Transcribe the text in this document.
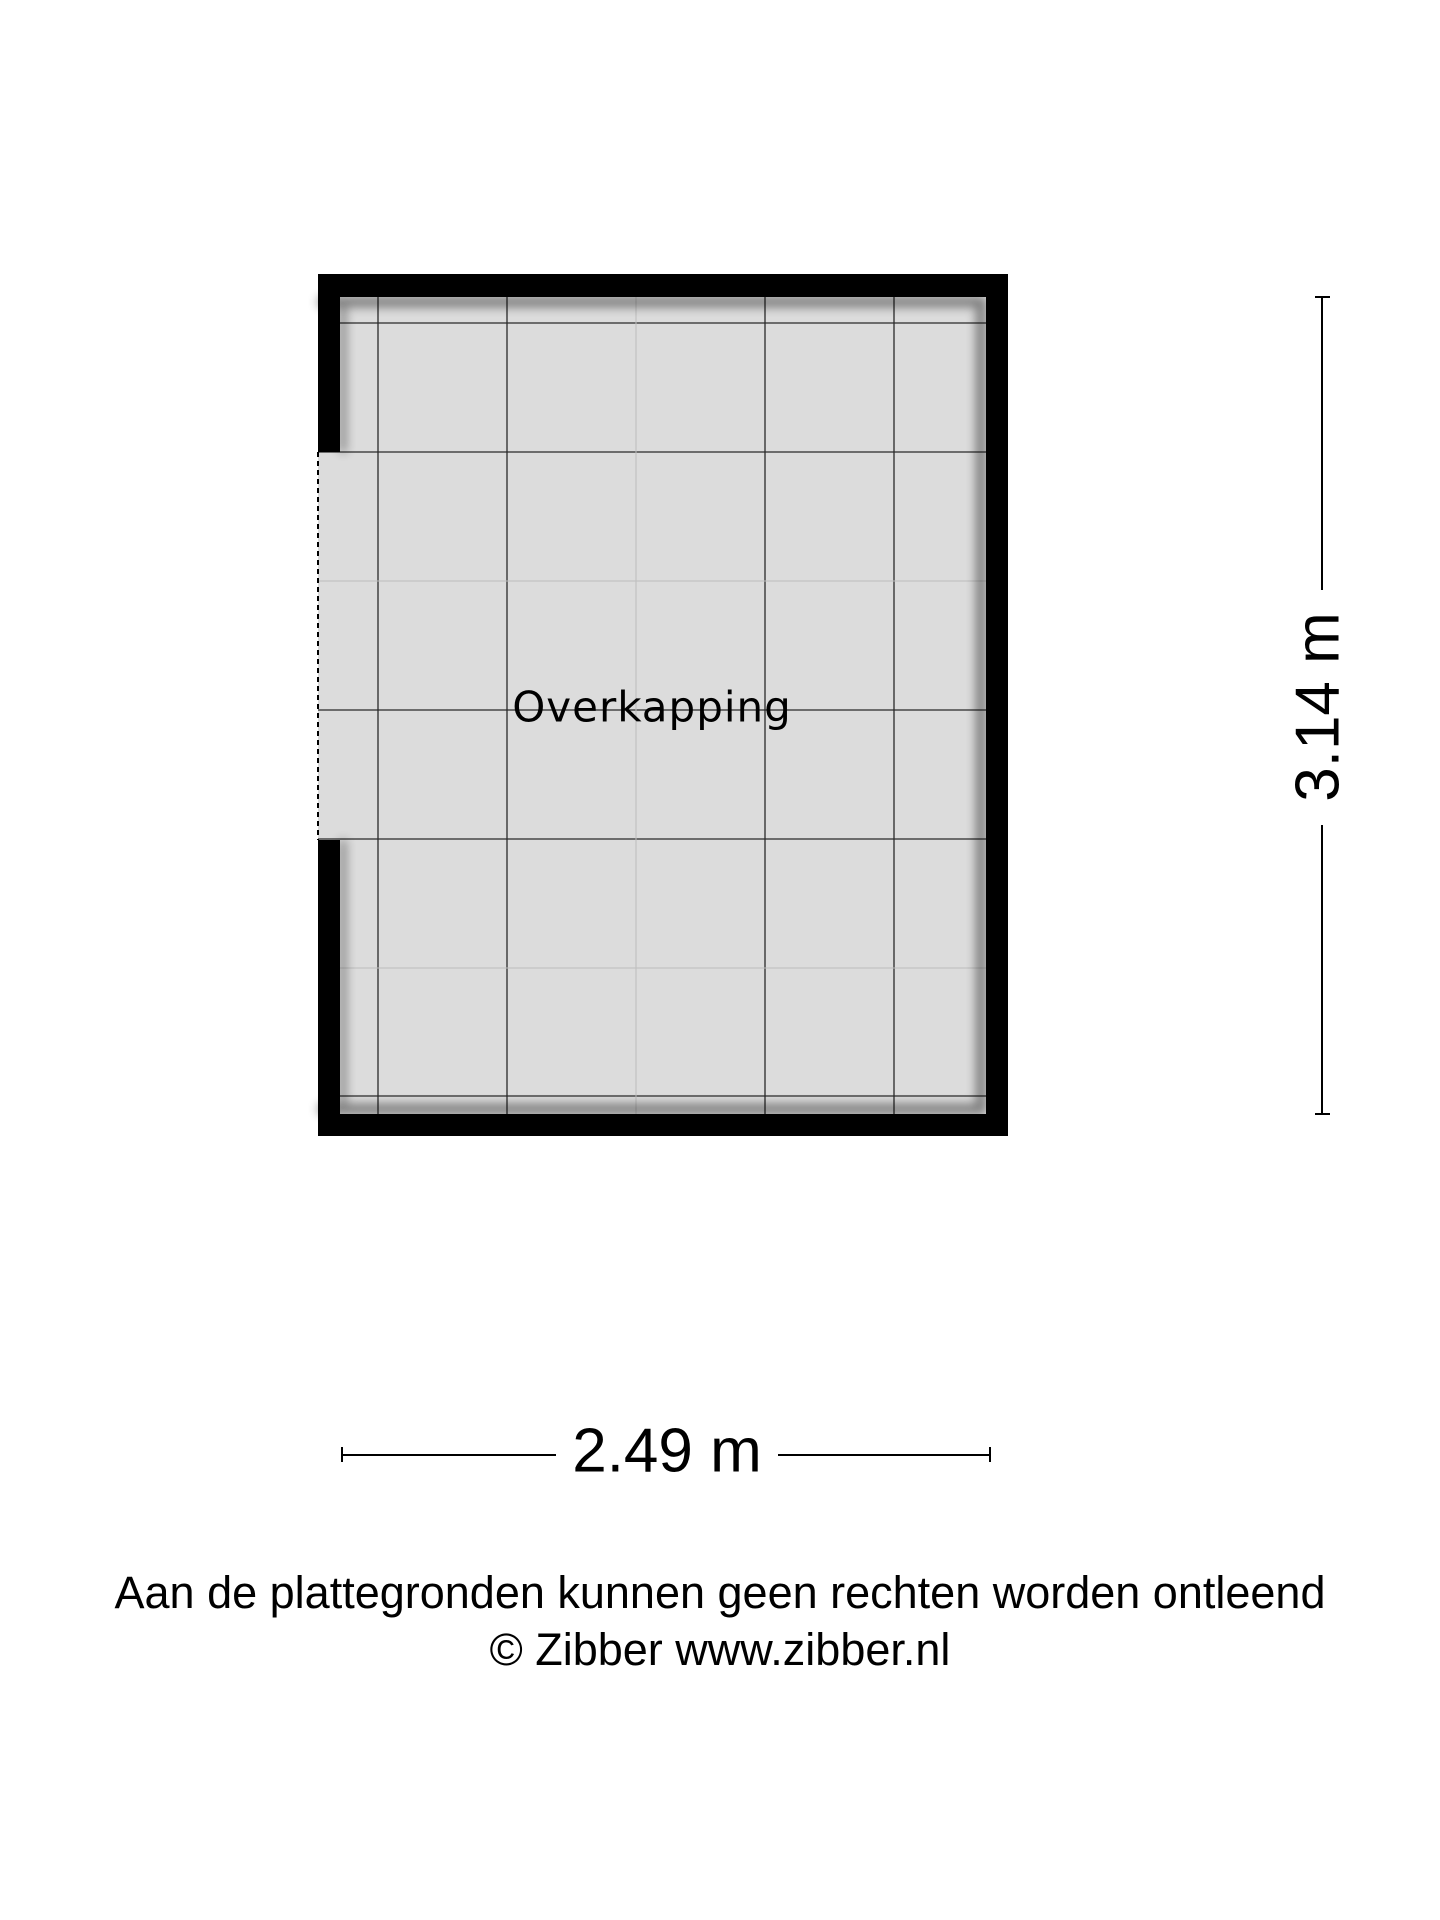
Overkapping	3.14 m
2.49 m
Aan de plattegronden kunnen geen rechten worden ontleend
© Zibber www.zibber.nl
